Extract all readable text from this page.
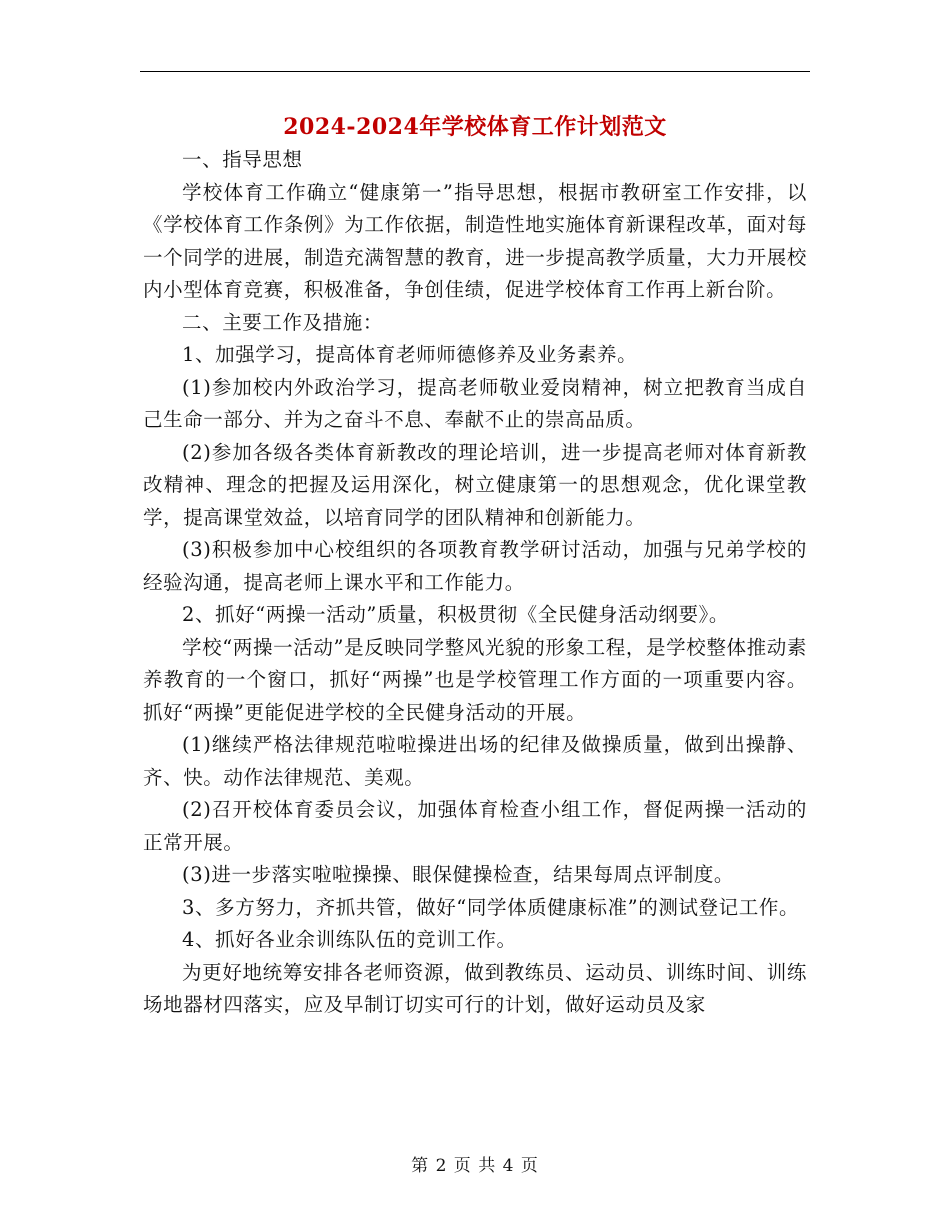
2024-2024年学校体育工作计划范文

一、指导思想

学校体育工作确立“健康第一”指导思想，根据市教研室工作安排，以《学校体育工作条例》为工作依据，制造性地实施体育新课程改革，面对每一个同学的进展，制造充满智慧的教育，进一步提高教学质量，大力开展校内小型体育竞赛，积极准备，争创佳绩，促进学校体育工作再上新台阶。

二、主要工作及措施：

1、加强学习，提高体育老师师德修养及业务素养。

(1)参加校内外政治学习，提高老师敬业爱岗精神，树立把教育当成自己生命一部分、并为之奋斗不息、奉献不止的崇高品质。

(2)参加各级各类体育新教改的理论培训，进一步提高老师对体育新教改精神、理念的把握及运用深化，树立健康第一的思想观念，优化课堂教学，提高课堂效益，以培育同学的团队精神和创新能力。

(3)积极参加中心校组织的各项教育教学研讨活动，加强与兄弟学校的经验沟通，提高老师上课水平和工作能力。

2、抓好“两操一活动”质量，积极贯彻《全民健身活动纲要》。

学校“两操一活动”是反映同学整风光貌的形象工程，是学校整体推动素养教育的一个窗口，抓好“两操”也是学校管理工作方面的一项重要内容。抓好“两操”更能促进学校的全民健身活动的开展。

(1)继续严格法律规范啦啦操进出场的纪律及做操质量，做到出操静、齐、快。动作法律规范、美观。

(2)召开校体育委员会议，加强体育检查小组工作，督促两操一活动的正常开展。

(3)进一步落实啦啦操操、眼保健操检查，结果每周点评制度。

3、多方努力，齐抓共管，做好“同学体质健康标准”的测试登记工作。

4、抓好各业余训练队伍的竞训工作。

为更好地统筹安排各老师资源，做到教练员、运动员、训练时间、训练场地器材四落实，应及早制订切实可行的计划，做好运动员及家

第 2 页 共 4 页
